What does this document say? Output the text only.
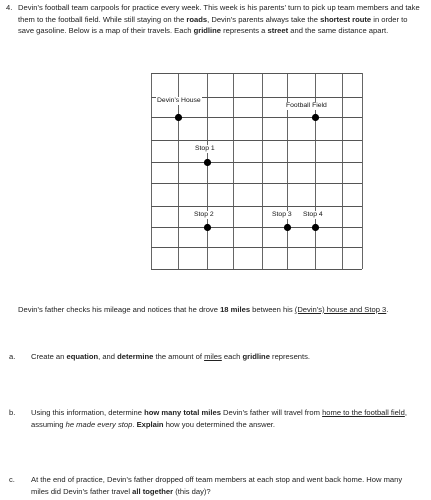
4. Devin’s football team carpools for practice every week. This week is his parents’ turn to pick up team members and take them to the football field. While still staying on the roads, Devin’s parents always take the shortest route in order to save gasoline. Below is a map of their travels. Each gridline represents a street and the same distance apart.

Devin’s House
Football Field
Stop 1
Stop 2	Stop 3 Stop 4

Devin’s father checks his mileage and notices that he drove 18 miles between his (Devin’s) house and Stop 3.

a.	Create an equation, and determine the amount of miles each gridline represents.

b.	Using this information, determine how many total miles Devin’s father will travel from home to the football field, assuming he made every stop. Explain how you determined the answer.

c.	At the end of practice, Devin’s father dropped off team members at each stop and went back home. How many miles did Devin’s father travel all together (this day)?
